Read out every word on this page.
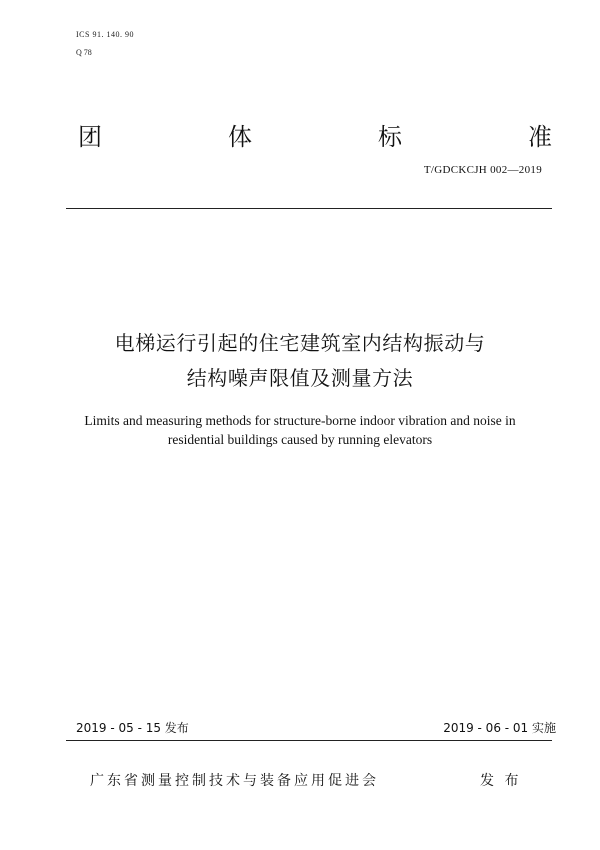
ICS 91. 140. 90
Q 78
团	体	标	准
T/GDCKCJH 002—2019
电梯运行引起的住宅建筑室内结构振动与
结构噪声限值及测量方法
Limits and measuring methods for structure-borne indoor vibration and noise in
residential buildings caused by running elevators
2019 - 05 - 15 发布	2019 - 06 - 01 实施
广东省测量控制技术与装备应用促进会	发 布
